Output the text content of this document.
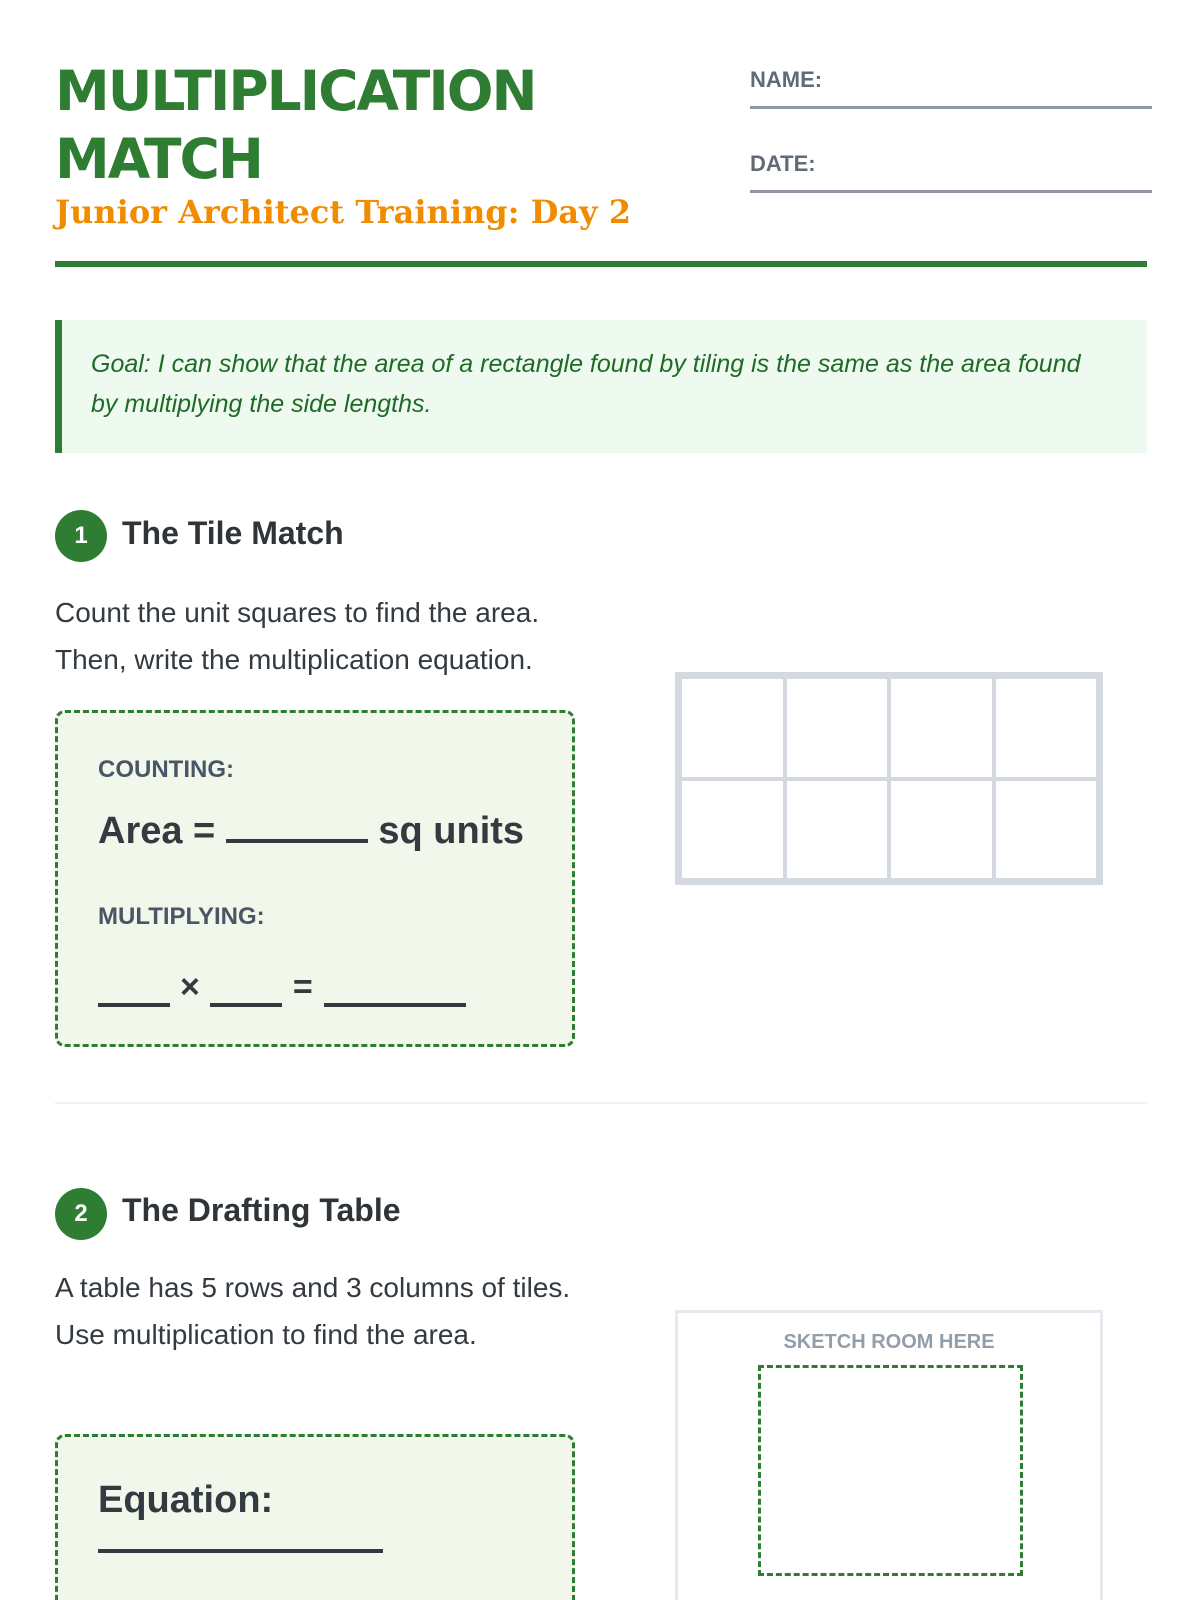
MULTIPLICATION MATCH
Junior Architect Training: Day 2
NAME:
DATE:

Goal: I can show that the area of a rectangle found by tiling is the same as the area found by multiplying the side lengths.

1	The Tile Match

Count the unit squares to find the area. Then, write the multiplication equation.

COUNTING:
Area =	sq units
MULTIPLYING:
×	=
2	The Drafting Table

A table has 5 rows and 3 columns of tiles. Use multiplication to find the area.

Equation:
SKETCH ROOM HERE
